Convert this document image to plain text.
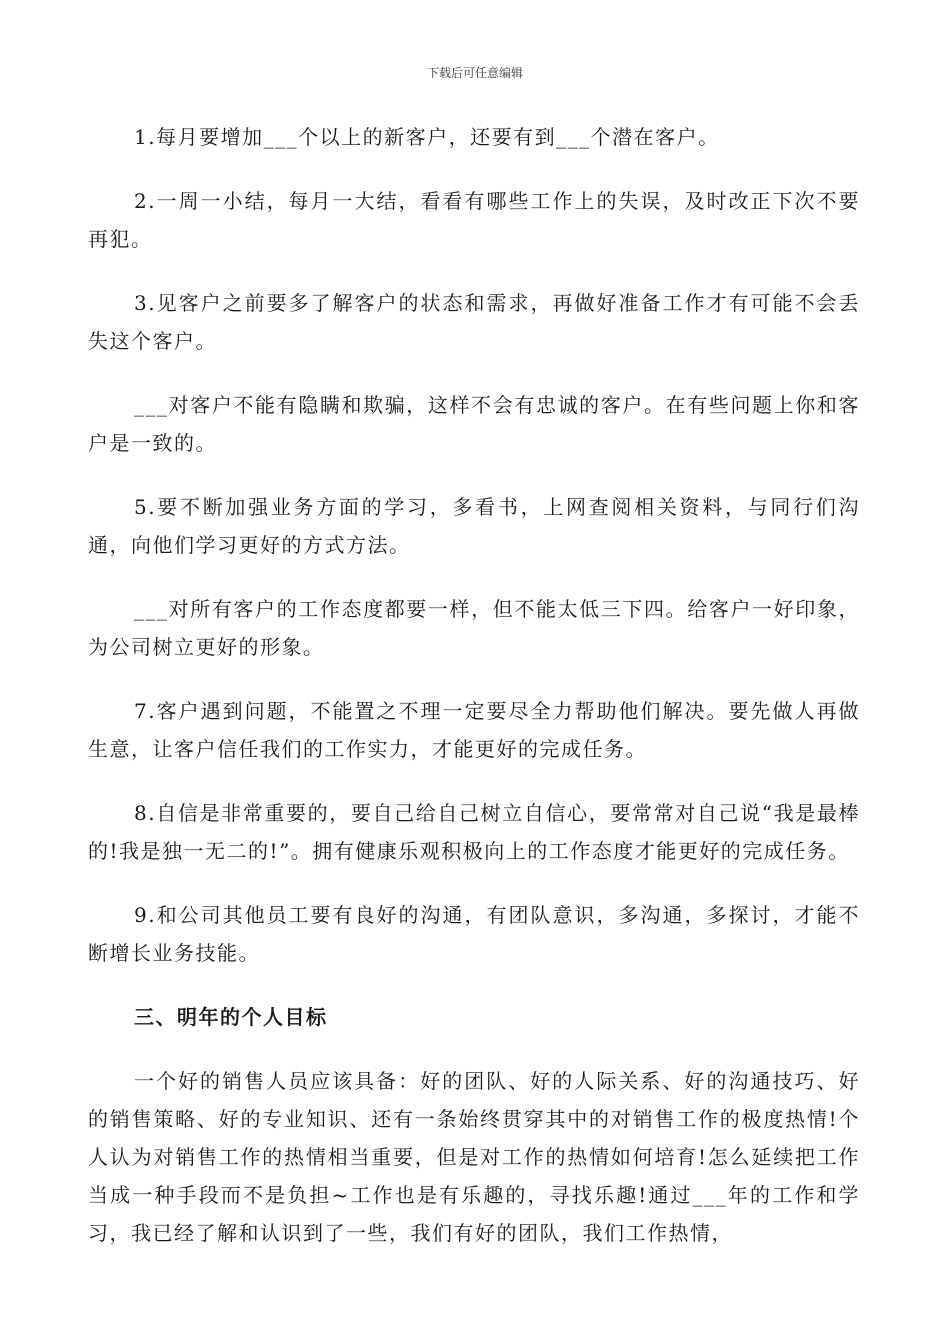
下载后可任意编辑

1.每月要增加___个以上的新客户，还要有到___个潜在客户。

2.一周一小结，每月一大结，看看有哪些工作上的失误，及时改正下次不要再犯。

3.见客户之前要多了解客户的状态和需求，再做好准备工作才有可能不会丢失这个客户。

___对客户不能有隐瞒和欺骗，这样不会有忠诚的客户。在有些问题上你和客户是一致的。

5.要不断加强业务方面的学习，多看书，上网查阅相关资料，与同行们沟通，向他们学习更好的方式方法。

___对所有客户的工作态度都要一样，但不能太低三下四。给客户一好印象，为公司树立更好的形象。

7.客户遇到问题，不能置之不理一定要尽全力帮助他们解决。要先做人再做生意，让客户信任我们的工作实力，才能更好的完成任务。

8.自信是非常重要的，要自己给自己树立自信心，要常常对自己说“我是最棒的!我是独一无二的!”。拥有健康乐观积极向上的工作态度才能更好的完成任务。

9.和公司其他员工要有良好的沟通，有团队意识，多沟通，多探讨，才能不断增长业务技能。

三、明年的个人目标

一个好的销售人员应该具备：好的团队、好的人际关系、好的沟通技巧、好的销售策略、好的专业知识、还有一条始终贯穿其中的对销售工作的极度热情!个人认为对销售工作的热情相当重要，但是对工作的热情如何培育!怎么延续把工作当成一种手段而不是负担~工作也是有乐趣的，寻找乐趣!通过___年的工作和学习，我已经了解和认识到了一些，我们有好的团队，我们工作热情，
